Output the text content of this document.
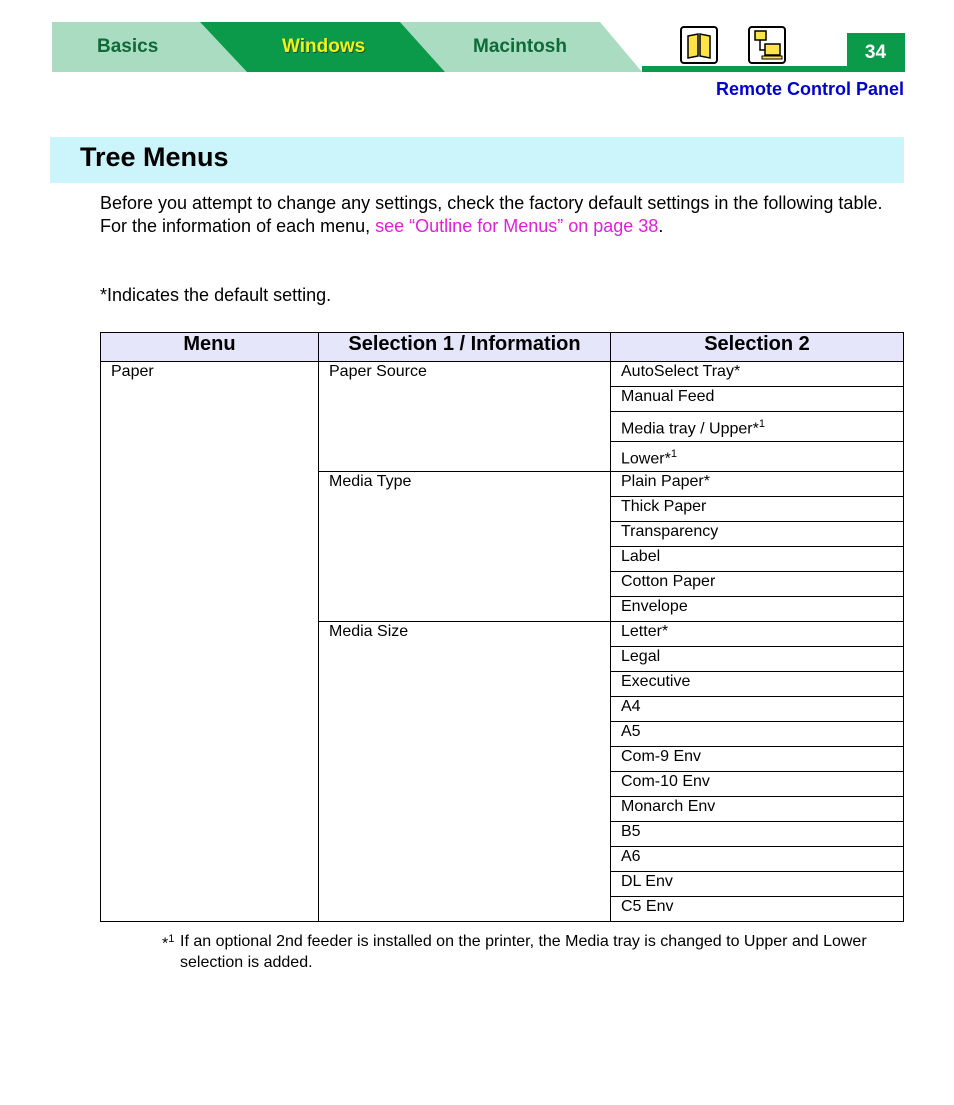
Basics	Windows	Macintosh	34
Remote Control Panel
Tree Menus
Before you attempt to change any settings, check the factory default settings in the following table. For the information of each menu, see “Outline for Menus” on page 38.
*Indicates the default setting.
Menu	Selection 1 / Information	Selection 2
Paper	Paper Source	AutoSelect Tray*
		Manual Feed
		Media tray / Upper*$^1$
		Lower*$^1$
	Media Type	Plain Paper*
		Thick Paper
		Transparency
		Label
		Cotton Paper
		Envelope
	Media Size	Letter*
		Legal
		Executive
		A4
		A5
		Com-9 Env
		Com-10 Env
		Monarch Env
		B5
		A6
		DL Env
		C5 Env
*$^1$ If an optional 2nd feeder is installed on the printer, the Media tray is changed to Upper and Lower selection is added.
